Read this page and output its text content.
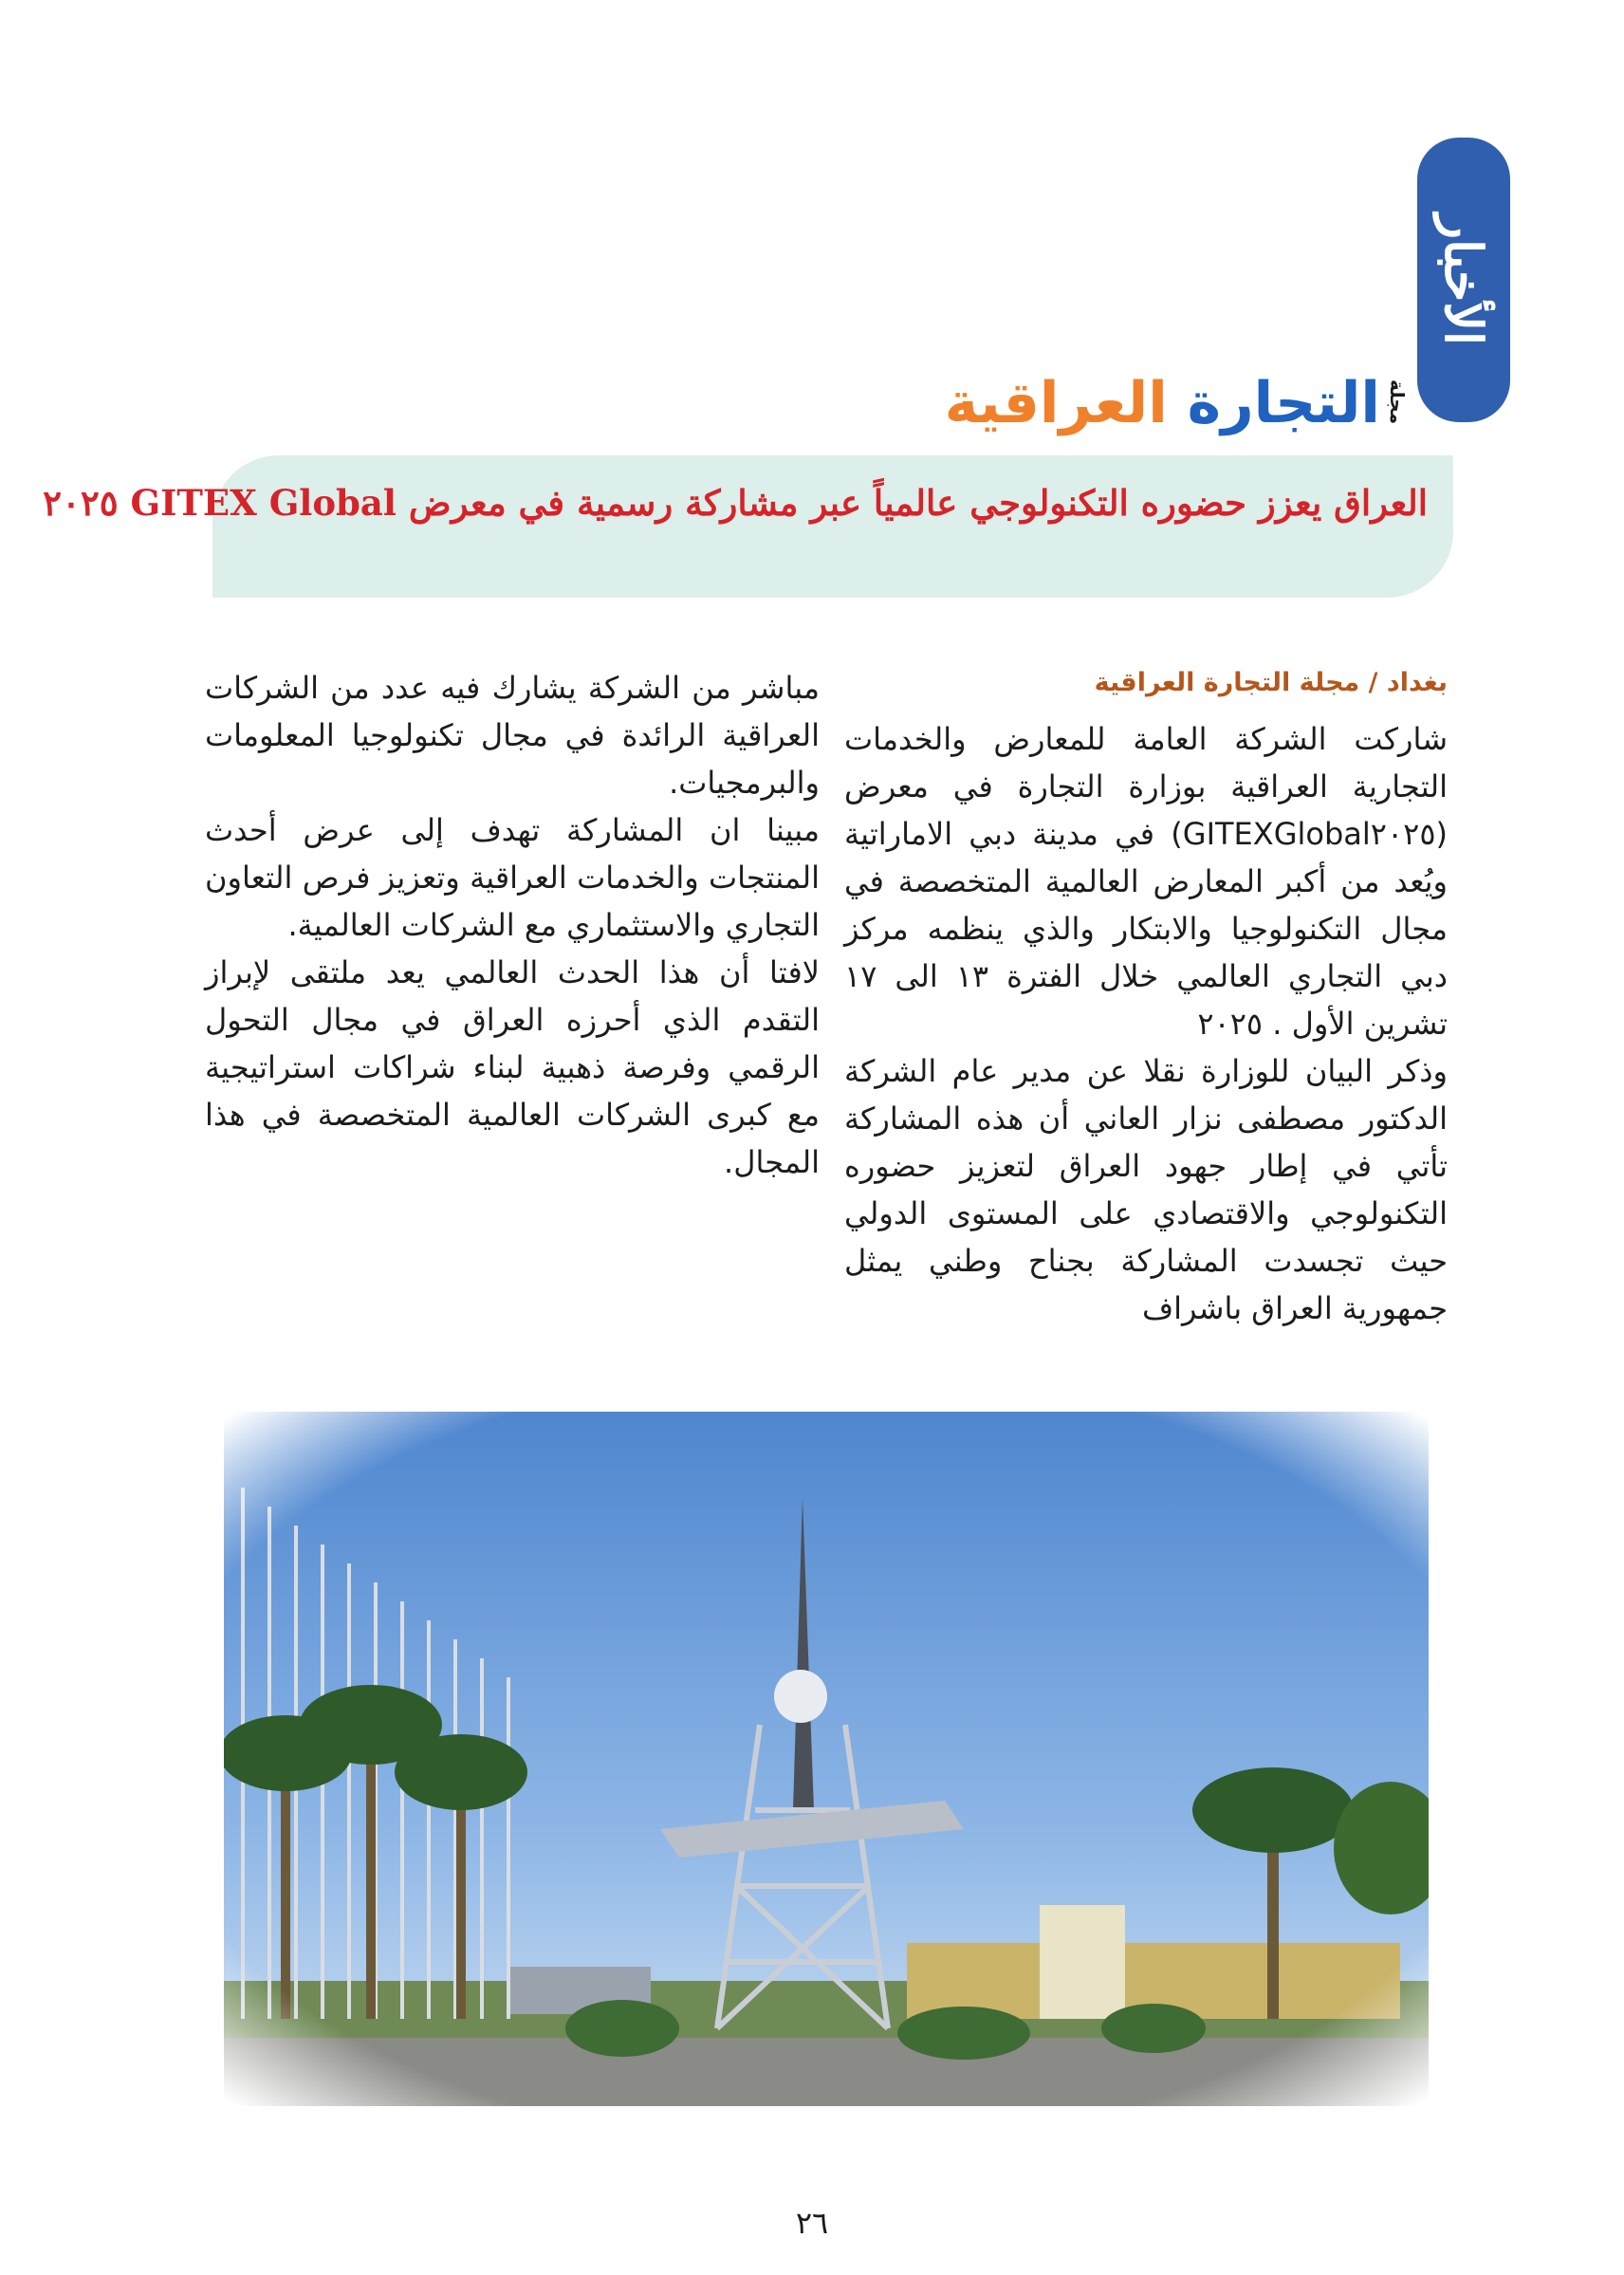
الأخبار
مجلة
التجارة العراقية
العراق يعزز حضوره التكنولوجي عالمياً عبر مشاركة رسمية في معرض GITEX Global ٢٠٢٥
بغداد / مجلة التجارة العراقية

شاركت الشركة العامة للمعارض والخدمات التجارية العراقية بوزارة التجارة في معرض (GITEXGlobal٢٠٢٥) في مدينة دبي الاماراتية ويُعد من أكبر المعارض العالمية المتخصصة في مجال التكنولوجيا والابتكار والذي ينظمه مركز دبي التجاري العالمي خلال الفترة ١٣ الى ١٧ تشرين الأول . ٢٠٢٥

وذكر البيان للوزارة نقلا عن مدير عام الشركة الدكتور مصطفى نزار العاني أن هذه المشاركة تأتي في إطار جهود العراق لتعزيز حضوره التكنولوجي والاقتصادي على المستوى الدولي حيث تجسدت المشاركة بجناح وطني يمثل جمهورية العراق باشراف

مباشر من الشركة يشارك فيه عدد من الشركات العراقية الرائدة في مجال تكنولوجيا المعلومات والبرمجيات.

مبينا ان المشاركة تهدف إلى عرض أحدث المنتجات والخدمات العراقية وتعزيز فرص التعاون التجاري والاستثماري مع الشركات العالمية.

لافتا أن هذا الحدث العالمي يعد ملتقى لإبراز التقدم الذي أحرزه العراق في مجال التحول الرقمي وفرصة ذهبية لبناء شراكات استراتيجية مع كبرى الشركات العالمية المتخصصة في هذا المجال.

٢٦
